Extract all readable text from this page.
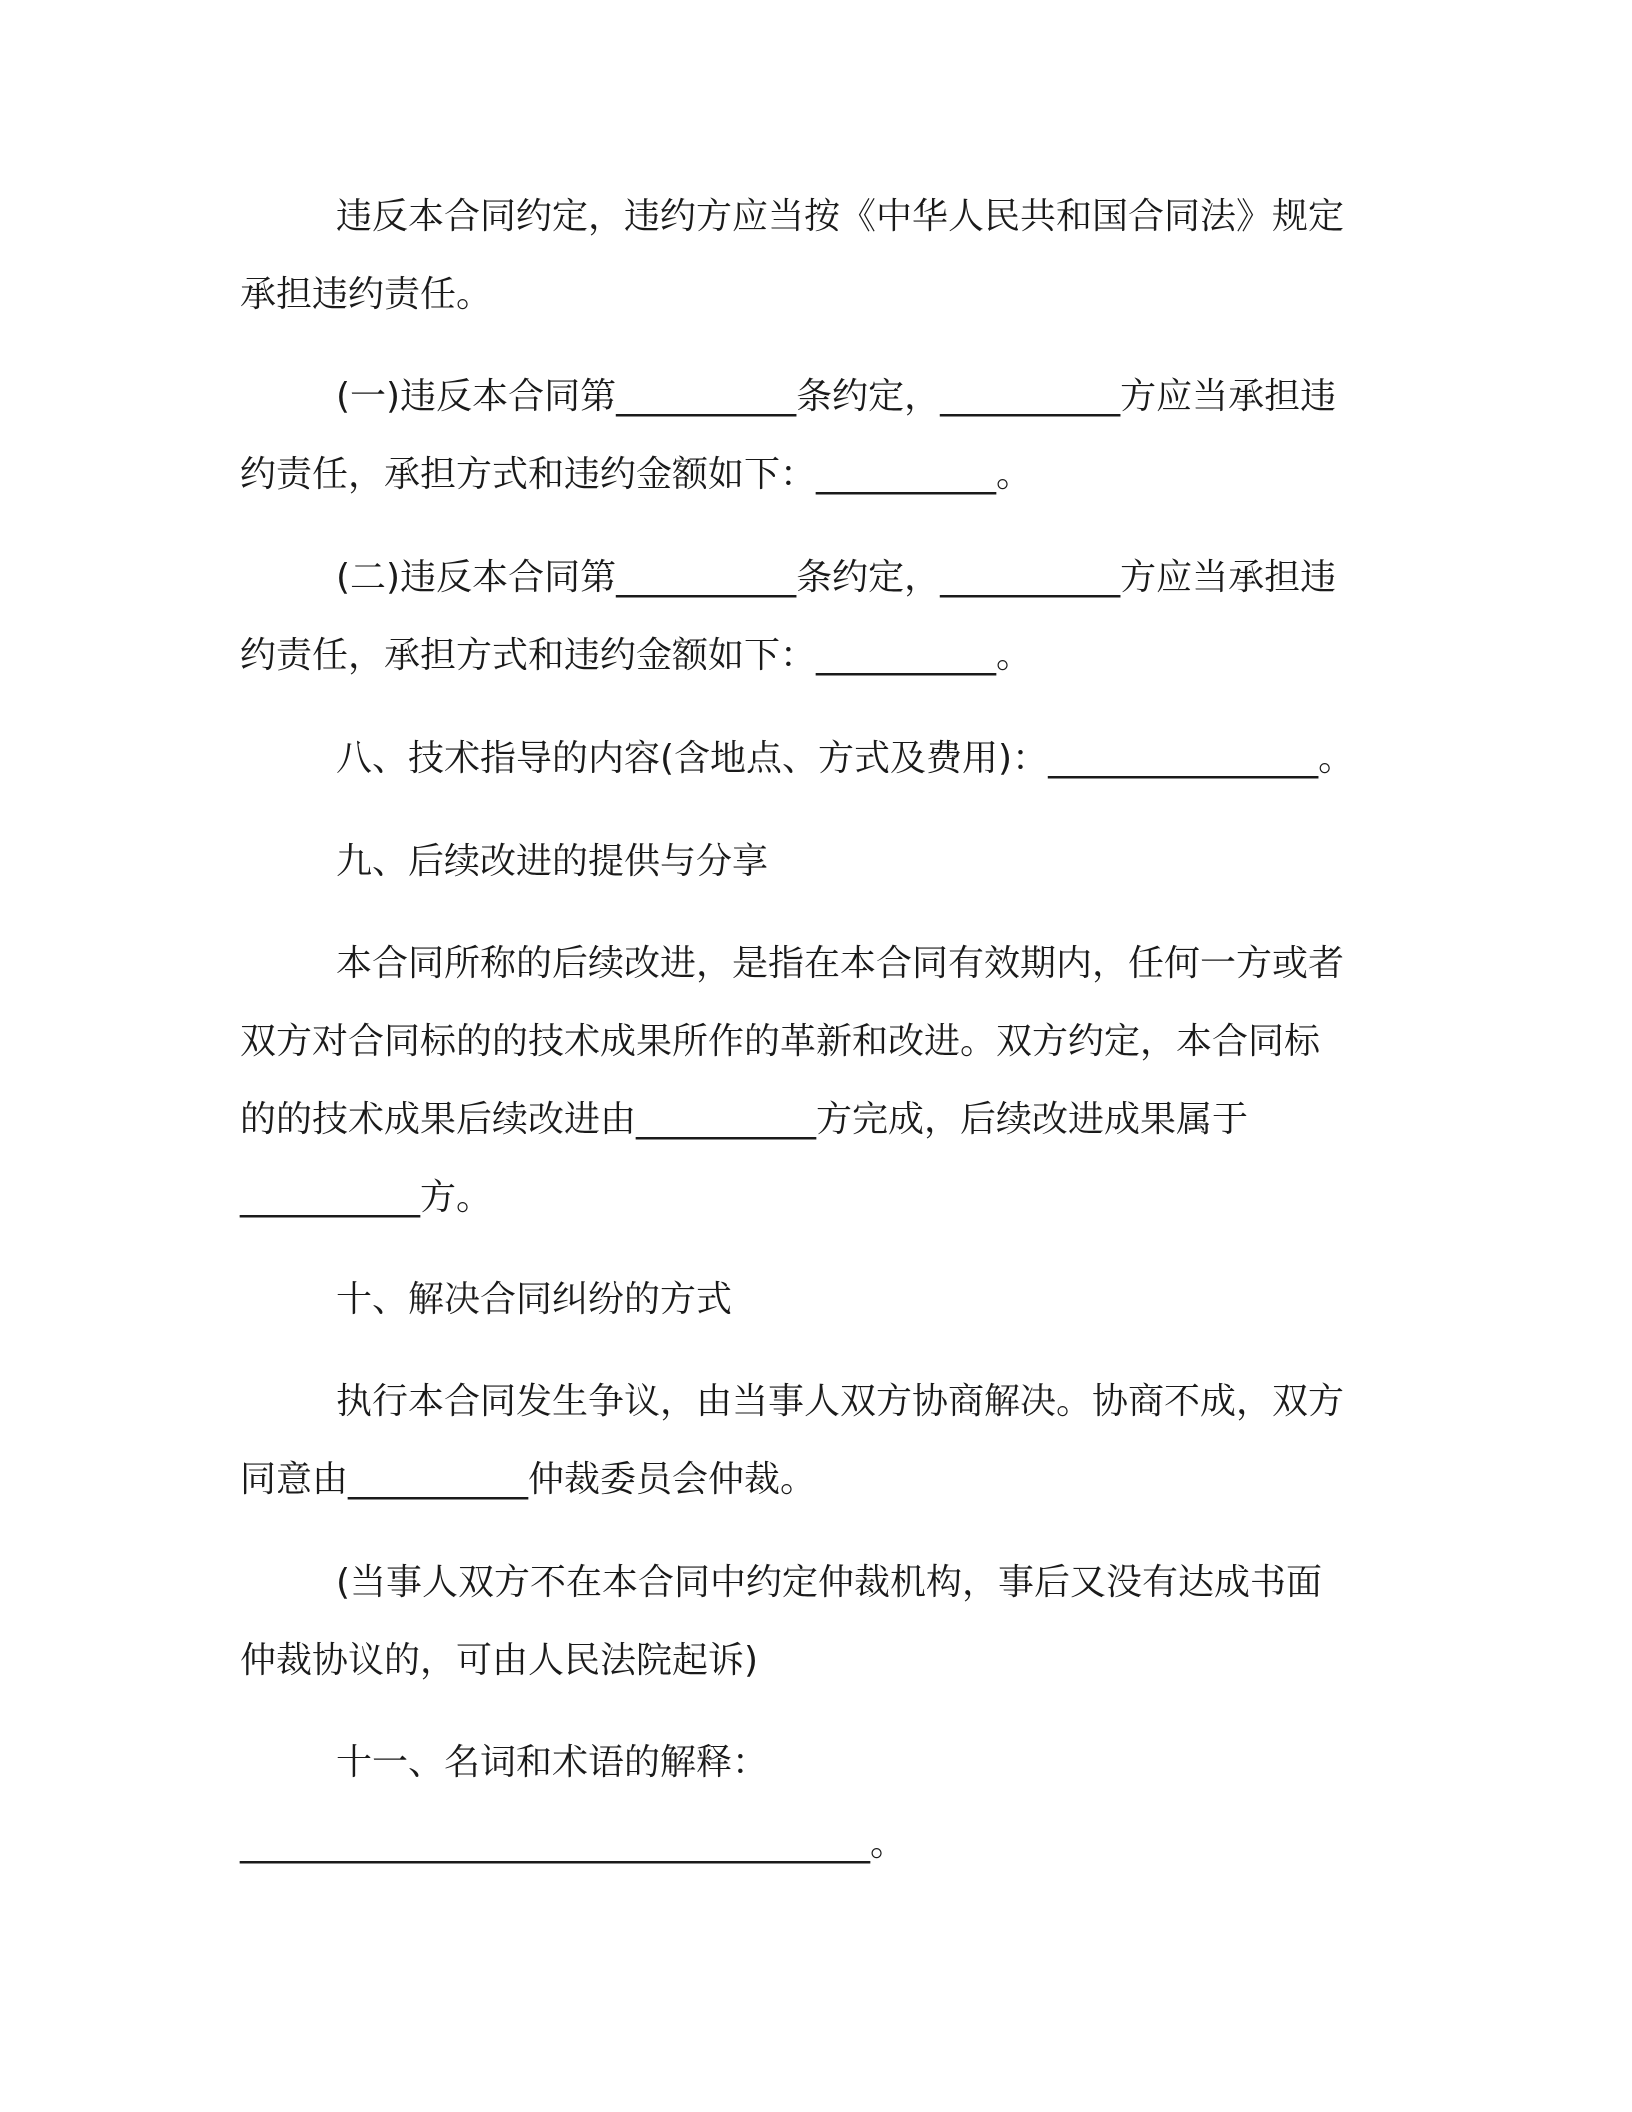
违反本合同约定，违约方应当按《中华人民共和国合同法》规定
承担违约责任。
(一)违反本合同第__________条约定，__________方应当承担违
约责任，承担方式和违约金额如下：__________。
(二)违反本合同第__________条约定，__________方应当承担违
约责任，承担方式和违约金额如下：__________。
八、技术指导的内容(含地点、方式及费用)：_______________。
九、后续改进的提供与分享
本合同所称的后续改进，是指在本合同有效期内，任何一方或者
双方对合同标的的技术成果所作的革新和改进。双方约定，本合同标
的的技术成果后续改进由__________方完成，后续改进成果属于
__________方。
十、解决合同纠纷的方式
执行本合同发生争议，由当事人双方协商解决。协商不成，双方
同意由__________仲裁委员会仲裁。
(当事人双方不在本合同中约定仲裁机构，事后又没有达成书面
仲裁协议的，可由人民法院起诉)
十一、名词和术语的解释：
___________________________________。
